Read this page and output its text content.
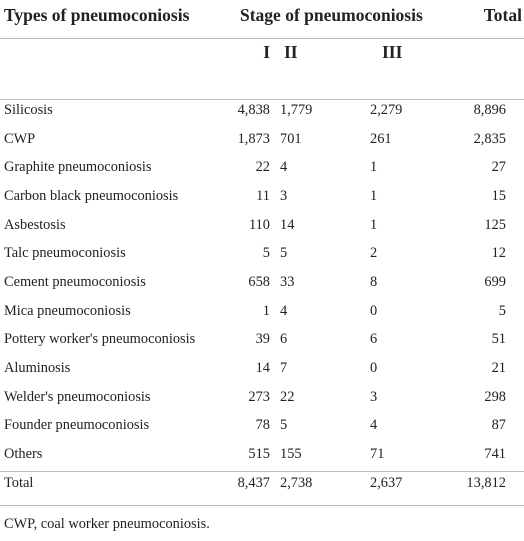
Types of pneumoconiosis	Stage of pneumoconiosis			Total
	I	II	III	

Silicosis	4,838	1,779	2,279	8,896
CWP	1,873	701	261	2,835
Graphite pneumoconiosis	22	4	1	27
Carbon black pneumoconiosis	11	3	1	15
Asbestosis	110	14	1	125
Talc pneumoconiosis	5	5	2	12
Cement pneumoconiosis	658	33	8	699
Mica pneumoconiosis	1	4	0	5
Pottery worker's pneumoconiosis	39	6	6	51
Aluminosis	14	7	0	21
Welder's pneumoconiosis	273	22	3	298
Founder pneumoconiosis	78	5	4	87
Others	515	155	71	741
Total	8,437	2,738	2,637	13,812
CWP, coal worker pneumoconiosis.
